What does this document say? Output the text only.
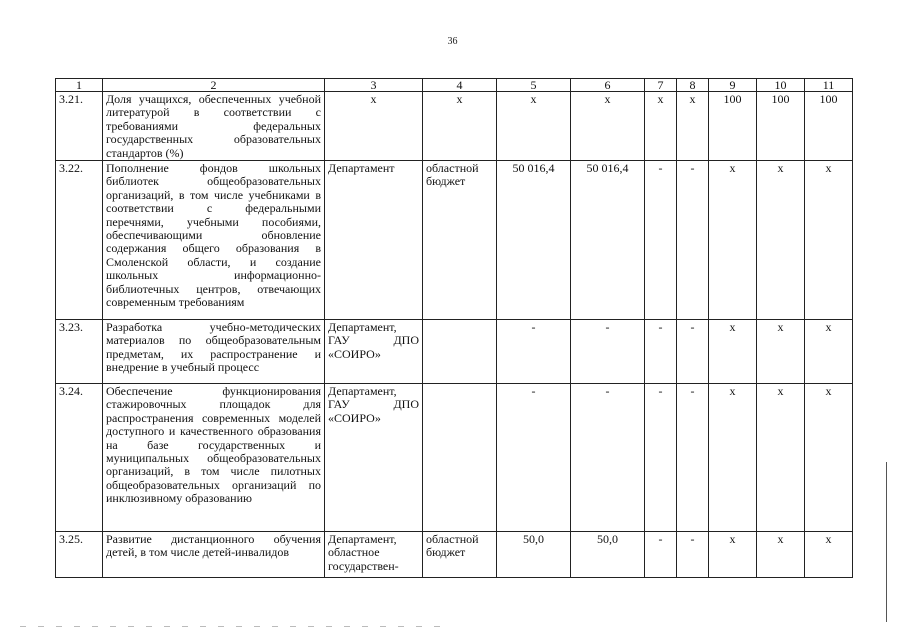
36
1	2	3	4	5	6	7	8	9	10	11
3.21.	Доля учащихся, обеспеченных учебной литературой в соответствии с требованиями федеральных государственных образовательных стандартов (%)	х	х	х	х	х	х	100	100	100
3.22.	Пополнение фондов школьных библиотек общеобразовательных организаций, в том числе учебниками в соответствии с федеральными перечнями, учебными пособиями, обеспечивающими обновление содержания общего образования в Смоленской области, и создание школьных информационно-библиотечных центров, отвечающих современным требованиям	Департамент	областной бюджет	50 016,4	50 016,4	-	-	х	х	х
3.23.	Разработка учебно-методических материалов по общеобразовательным предметам, их распространение и внедрение в учебный процесс	Департамент, ГАУ ДПО «СОИРО»		-	-	-	-	х	х	х
3.24.	Обеспечение функционирования стажировочных площадок для распространения современных моделей доступного и качественного образования на базе государственных и муниципальных общеобразовательных организаций, в том числе пилотных общеобразовательных организаций по инклюзивному образованию	Департамент, ГАУ ДПО «СОИРО»		-	-	-	-	х	х	х
3.25.	Развитие дистанционного обучения детей, в том числе детей-инвалидов	Департамент, областное государствен-	областной бюджет	50,0	50,0	-	-	х	х	х
